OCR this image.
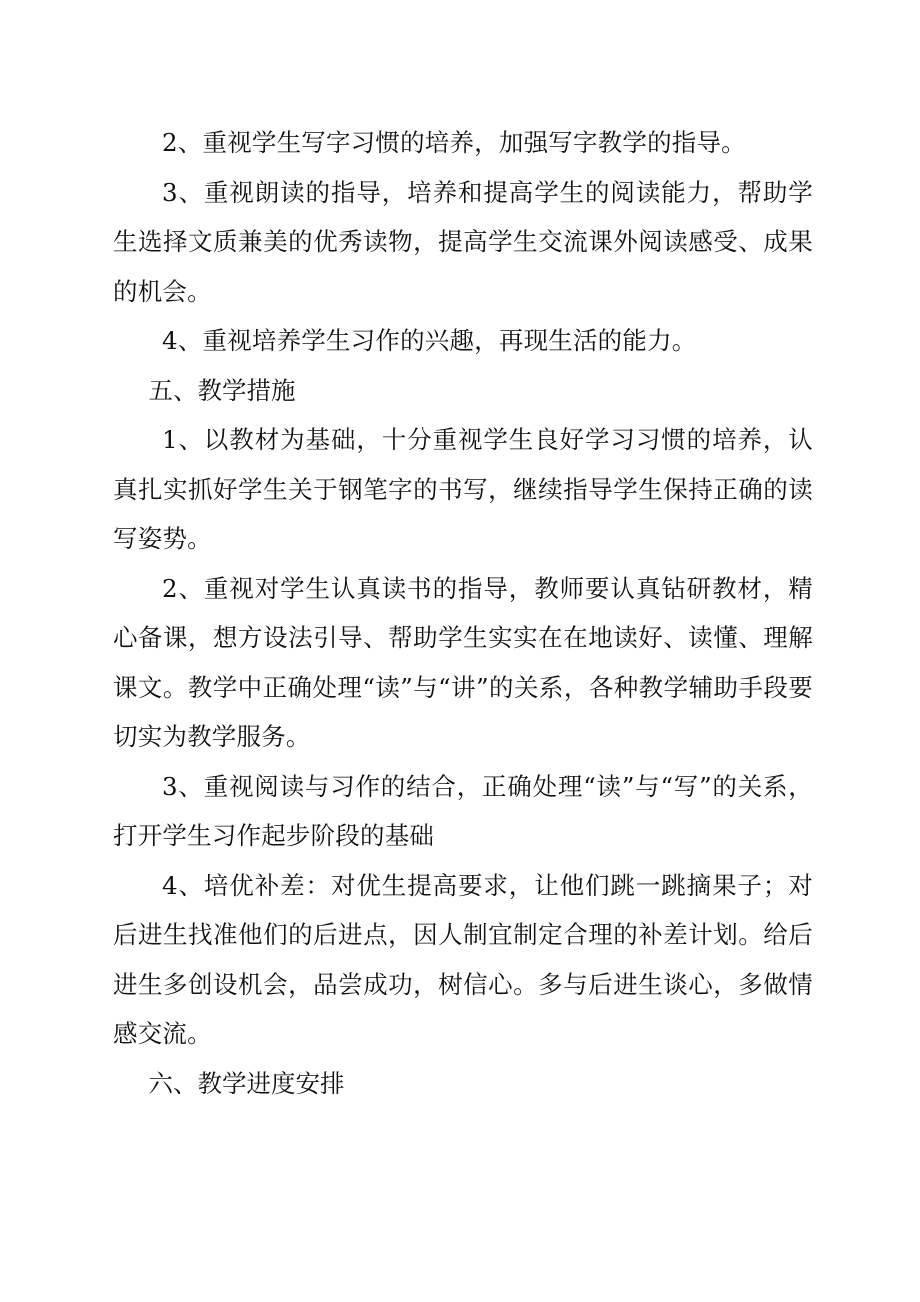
2、重视学生写字习惯的培养，加强写字教学的指导。

3、重视朗读的指导，培养和提高学生的阅读能力，帮助学生选择文质兼美的优秀读物，提高学生交流课外阅读感受、成果的机会。

4、重视培养学生习作的兴趣，再现生活的能力。

五、教学措施

1、以教材为基础，十分重视学生良好学习习惯的培养，认真扎实抓好学生关于钢笔字的书写，继续指导学生保持正确的读写姿势。

2、重视对学生认真读书的指导，教师要认真钻研教材，精心备课，想方设法引导、帮助学生实实在在地读好、读懂、理解课文。教学中正确处理“读”与“讲”的关系，各种教学辅助手段要切实为教学服务。

3、重视阅读与习作的结合，正确处理“读”与“写”的关系，打开学生习作起步阶段的基础

4、培优补差：对优生提高要求，让他们跳一跳摘果子；对后进生找准他们的后进点，因人制宜制定合理的补差计划。给后进生多创设机会，品尝成功，树信心。多与后进生谈心，多做情感交流。

六、教学进度安排
